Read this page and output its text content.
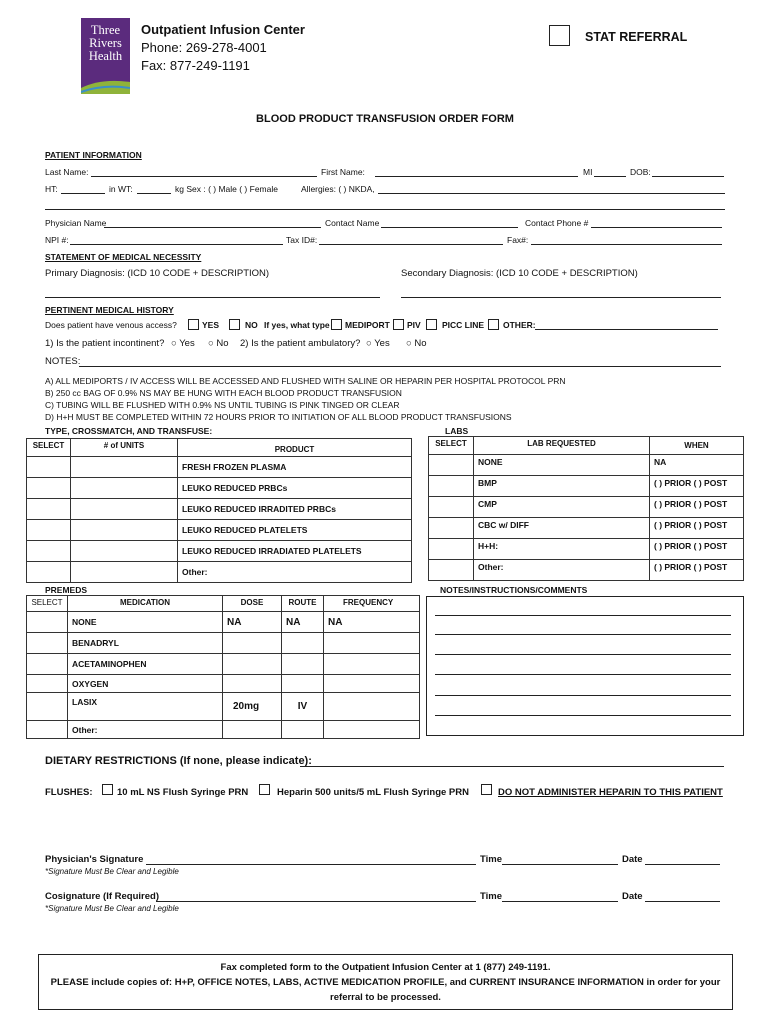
Three Rivers Health
Outpatient Infusion Center
Phone: 269-278-4001
Fax: 877-249-1191
STAT REFERRAL
BLOOD PRODUCT TRANSFUSION ORDER FORM
PATIENT INFORMATION
Last Name:	First Name:	MI	DOB:
HT:	in WT:	kg Sex : ( ) Male ( ) Female	Allergies: ( ) NKDA,
Physician Name	Contact Name	Contact Phone #
NPI #:	Tax ID#:	Fax#:
STATEMENT OF MEDICAL NECESSITY
Primary Diagnosis: (ICD 10 CODE + DESCRIPTION)	Secondary Diagnosis: (ICD 10 CODE + DESCRIPTION)
PERTINENT MEDICAL HISTORY
Does patient have venous access?	YES	NO If yes, what type MEDIPORT PIV	PICC LINE OTHER:
1) Is the patient incontinent? ○ Yes ○ No 2) Is the patient ambulatory? ○ Yes ○ No
NOTES:
A) ALL MEDIPORTS / IV ACCESS WILL BE ACCESSED AND FLUSHED WITH SALINE OR HEPARIN PER HOSPITAL PROTOCOL PRN
B) 250 cc BAG OF 0.9% NS MAY BE HUNG WITH EACH BLOOD PRODUCT TRANSFUSION
C) TUBING WILL BE FLUSHED WITH 0.9% NS UNTIL TUBING IS PINK TINGED OR CLEAR
D) H+H MUST BE COMPLETED WITHIN 72 HOURS PRIOR TO INITIATION OF ALL BLOOD PRODUCT TRANSFUSIONS
TYPE, CROSSMATCH, AND TRANSFUSE:
SELECT	# of UNITS	PRODUCT
		FRESH FROZEN PLASMA
		LEUKO REDUCED PRBCs
		LEUKO REDUCED IRRADITED PRBCs
		LEUKO REDUCED PLATELETS
		LEUKO REDUCED IRRADIATED PLATELETS
		Other:
LABS
SELECT	LAB REQUESTED	WHEN
	NONE	NA
	BMP	( ) PRIOR ( ) POST
	CMP	( ) PRIOR ( ) POST
	CBC w/ DIFF	( ) PRIOR ( ) POST
	H+H:	( ) PRIOR ( ) POST
	Other:	( ) PRIOR ( ) POST
PREMEDS
SELECT	MEDICATION	DOSE	ROUTE	FREQUENCY
	NONE	NA	NA	NA
	BENADRYL			
	ACETAMINOPHEN			
	OXYGEN			
	LASIX	20mg	IV	
	Other:			
NOTES/INSTRUCTIONS/COMMENTS
DIETARY RESTRICTIONS (If none, please indicate):
FLUSHES:	10 mL NS Flush Syringe PRN	Heparin 500 units/5 mL Flush Syringe PRN	DO NOT ADMINISTER HEPARIN TO THIS PATIENT
Physician's Signature	Time	Date
*Signature Must Be Clear and Legible
Cosignature (If Required)	Time	Date
*Signature Must Be Clear and Legible
Fax completed form to the Outpatient Infusion Center at 1 (877) 249-1191.
PLEASE include copies of: H+P, OFFICE NOTES, LABS, ACTIVE MEDICATION PROFILE, and CURRENT INSURANCE INFORMATION in order for your
referral to be processed.
